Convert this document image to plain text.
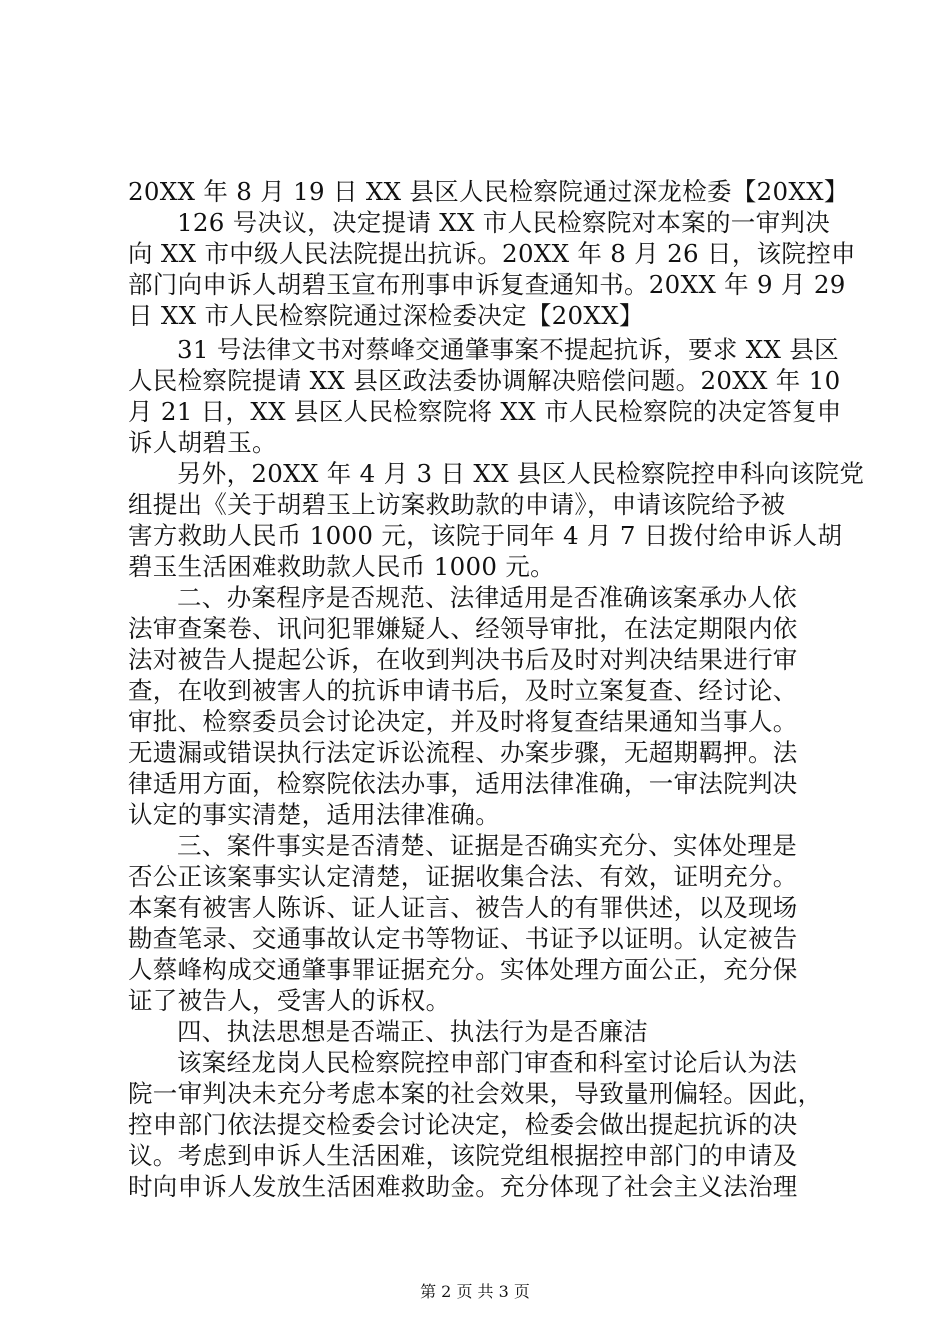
20XX 年 8 月 19 日 XX 县区人民检察院通过深龙检委【20XX】
126 号决议，决定提请 XX 市人民检察院对本案的一审判决
向 XX 市中级人民法院提出抗诉。20XX 年 8 月 26 日，该院控申
部门向申诉人胡碧玉宣布刑事申诉复查通知书。20XX 年 9 月 29
日 XX 市人民检察院通过深检委决定【20XX】
31 号法律文书对蔡峰交通肇事案不提起抗诉，要求 XX 县区
人民检察院提请 XX 县区政法委协调解决赔偿问题。20XX 年 10
月 21 日，XX 县区人民检察院将 XX 市人民检察院的决定答复申
诉人胡碧玉。
另外，20XX 年 4 月 3 日 XX 县区人民检察院控申科向该院党
组提出《关于胡碧玉上访案救助款的申请》，申请该院给予被
害方救助人民币 1000 元，该院于同年 4 月 7 日拨付给申诉人胡
碧玉生活困难救助款人民币 1000 元。
二、办案程序是否规范、法律适用是否准确该案承办人依
法审查案卷、讯问犯罪嫌疑人、经领导审批，在法定期限内依
法对被告人提起公诉，在收到判决书后及时对判决结果进行审
查，在收到被害人的抗诉申请书后，及时立案复查、经讨论、
审批、检察委员会讨论决定，并及时将复查结果通知当事人。
无遗漏或错误执行法定诉讼流程、办案步骤，无超期羁押。法
律适用方面，检察院依法办事，适用法律准确，一审法院判决
认定的事实清楚，适用法律准确。
三、案件事实是否清楚、证据是否确实充分、实体处理是
否公正该案事实认定清楚，证据收集合法、有效，证明充分。
本案有被害人陈诉、证人证言、被告人的有罪供述，以及现场
勘查笔录、交通事故认定书等物证、书证予以证明。认定被告
人蔡峰构成交通肇事罪证据充分。实体处理方面公正，充分保
证了被告人，受害人的诉权。
四、执法思想是否端正、执法行为是否廉洁
该案经龙岗人民检察院控申部门审查和科室讨论后认为法
院一审判决未充分考虑本案的社会效果，导致量刑偏轻。因此，
控申部门依法提交检委会讨论决定，检委会做出提起抗诉的决
议。考虑到申诉人生活困难，该院党组根据控申部门的申请及
时向申诉人发放生活困难救助金。充分体现了社会主义法治理
第 2 页 共 3 页
